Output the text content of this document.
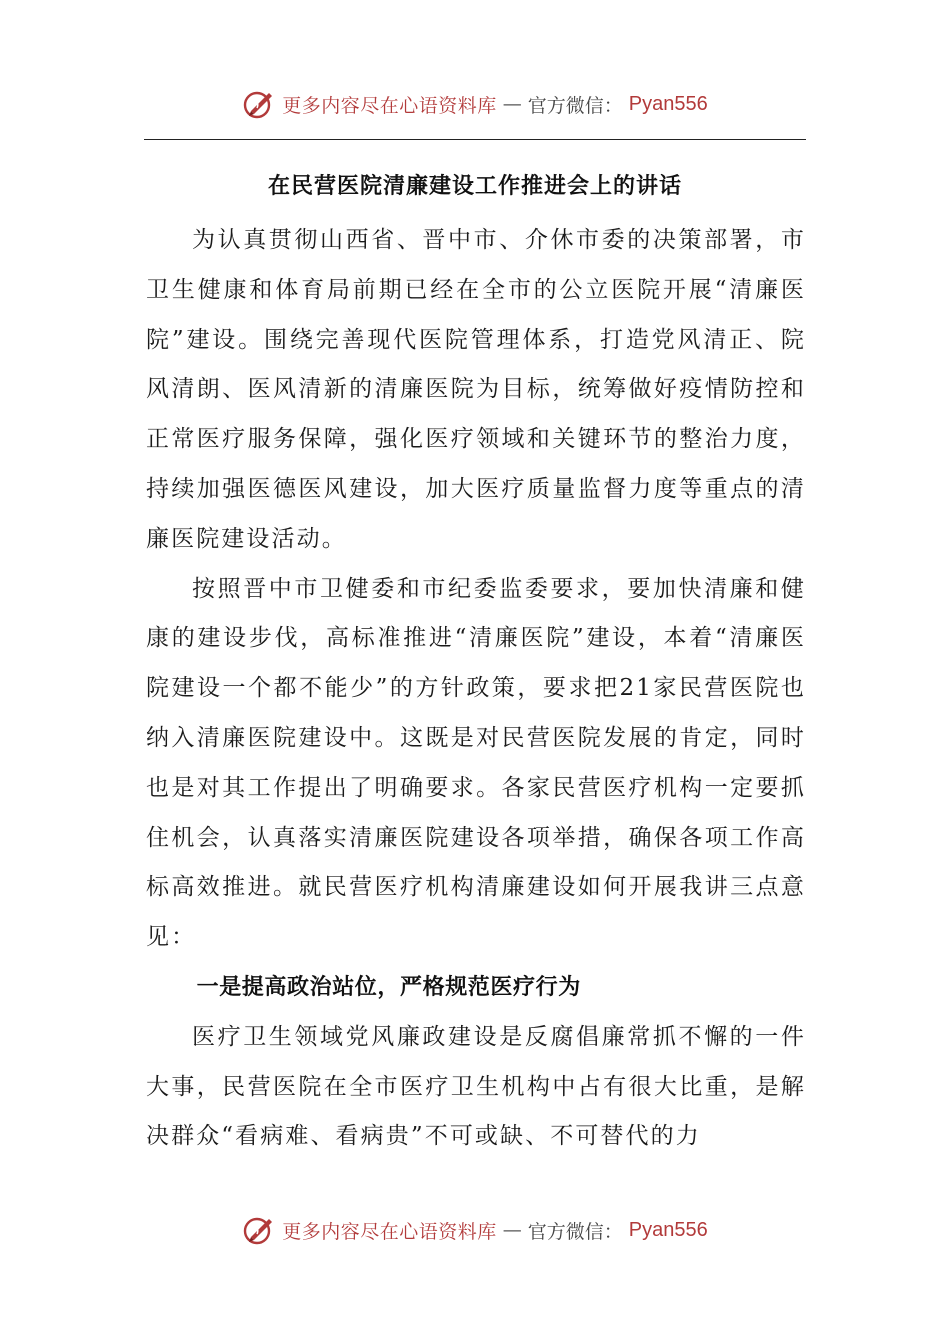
更多内容尽在心语资料库 — 官方微信： Pyan556
在民营医院清廉建设工作推进会上的讲话

为认真贯彻山西省、晋中市、介休市委的决策部署，市卫生健康和体育局前期已经在全市的公立医院开展“清廉医院”建设。围绕完善现代医院管理体系，打造党风清正、院风清朗、医风清新的清廉医院为目标，统筹做好疫情防控和正常医疗服务保障，强化医疗领域和关键环节的整治力度，持续加强医德医风建设，加大医疗质量监督力度等重点的清廉医院建设活动。

按照晋中市卫健委和市纪委监委要求，要加快清廉和健康的建设步伐，高标准推进“清廉医院”建设，本着“清廉医院建设一个都不能少”的方针政策，要求把21家民营医院也纳入清廉医院建设中。这既是对民营医院发展的肯定，同时也是对其工作提出了明确要求。各家民营医疗机构一定要抓住机会，认真落实清廉医院建设各项举措，确保各项工作高标高效推进。就民营医疗机构清廉建设如何开展我讲三点意见：

一是提高政治站位，严格规范医疗行为

医疗卫生领域党风廉政建设是反腐倡廉常抓不懈的一件大事，民营医院在全市医疗卫生机构中占有很大比重，是解决群众“看病难、看病贵”不可或缺、不可替代的力

更多内容尽在心语资料库 — 官方微信： Pyan556
